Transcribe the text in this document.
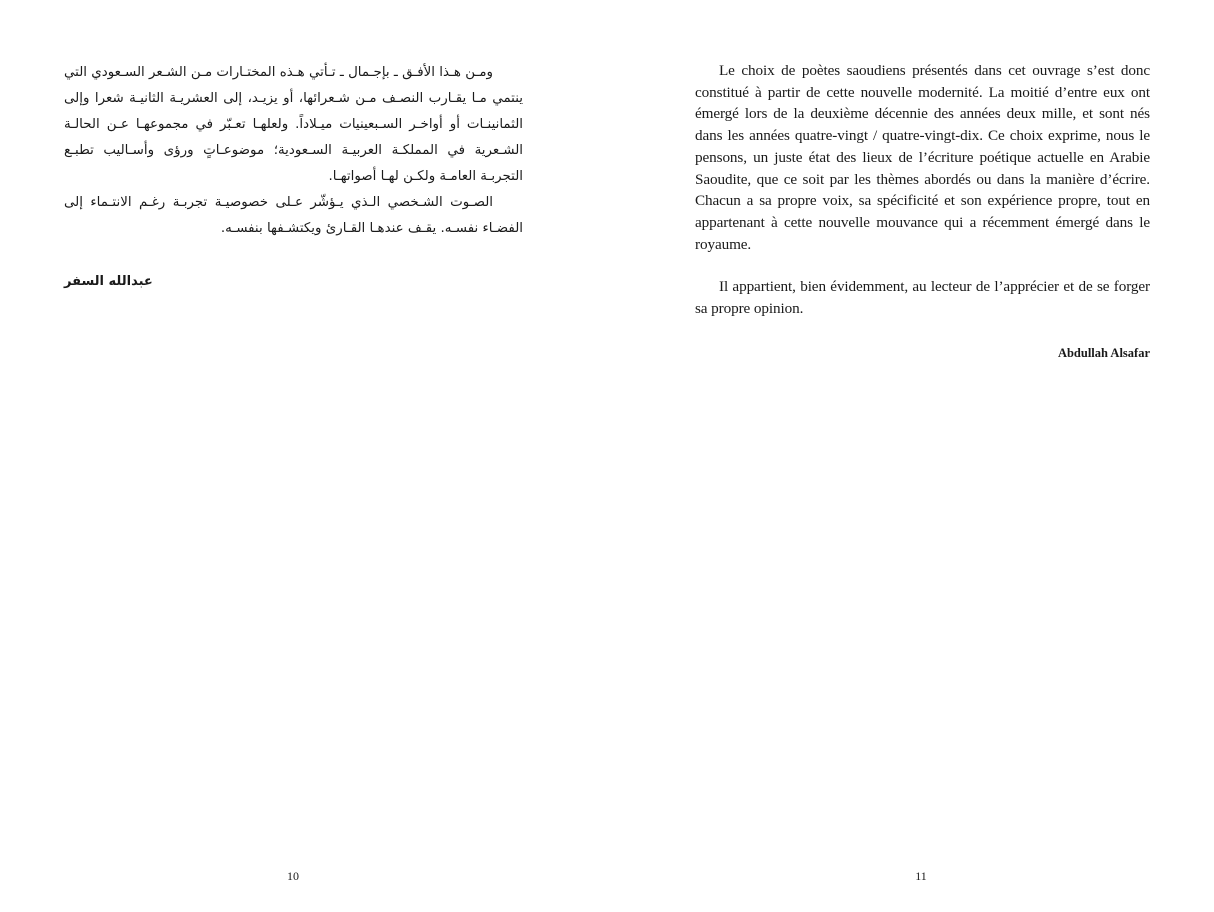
ومـن هـذا الأفـق ـ بإجـمال ـ تـأتي هـذه المختـارات مـن الشـعر السـعودي التي ينتمي مـا يقـارب النصـف مـن شـعرائها، أو يزيـد، إلى العشريـة الثانيـة شعرا وإلى الثمانينـات أو أواخـر السـبعينيات ميـلاداً. ولعلهـا تعـبّر في مجموعهـا عـن الحالـة الشـعرية في المملكـة العربيـة السـعودية؛ موضوعـاتٍ ورؤى وأسـاليب تطبـع التجربـة العامـة ولكـن لهـا أصواتهـا.

الصـوت الشـخصي الـذي يـؤشّر عـلى خصوصيـة تجربـة رغـم الانتـماء إلى الفضـاء نفسـه. يقـف عندهـا القـارئ ويكتشـفها بنفسـه.

عبدالله السفر
10

Le choix de poètes saoudiens présentés dans cet ouvrage s’est donc constitué à partir de cette nouvelle modernité. La moitié d’entre eux ont émergé lors de la deuxième décennie des années deux mille, et sont nés dans les années quatre-vingt / quatre-vingt-dix. Ce choix exprime, nous le pensons, un juste état des lieux de l’écriture poétique actuelle en Arabie Saoudite, que ce soit par les thèmes abordés ou dans la manière d’écrire. Chacun a sa propre voix, sa spécificité et son expérience propre, tout en appartenant à cette nouvelle mouvance qui a récemment émergé dans le royaume.

Il appartient, bien évidemment, au lecteur de l’apprécier et de se forger sa propre opinion.

Abdullah Alsafar
11
